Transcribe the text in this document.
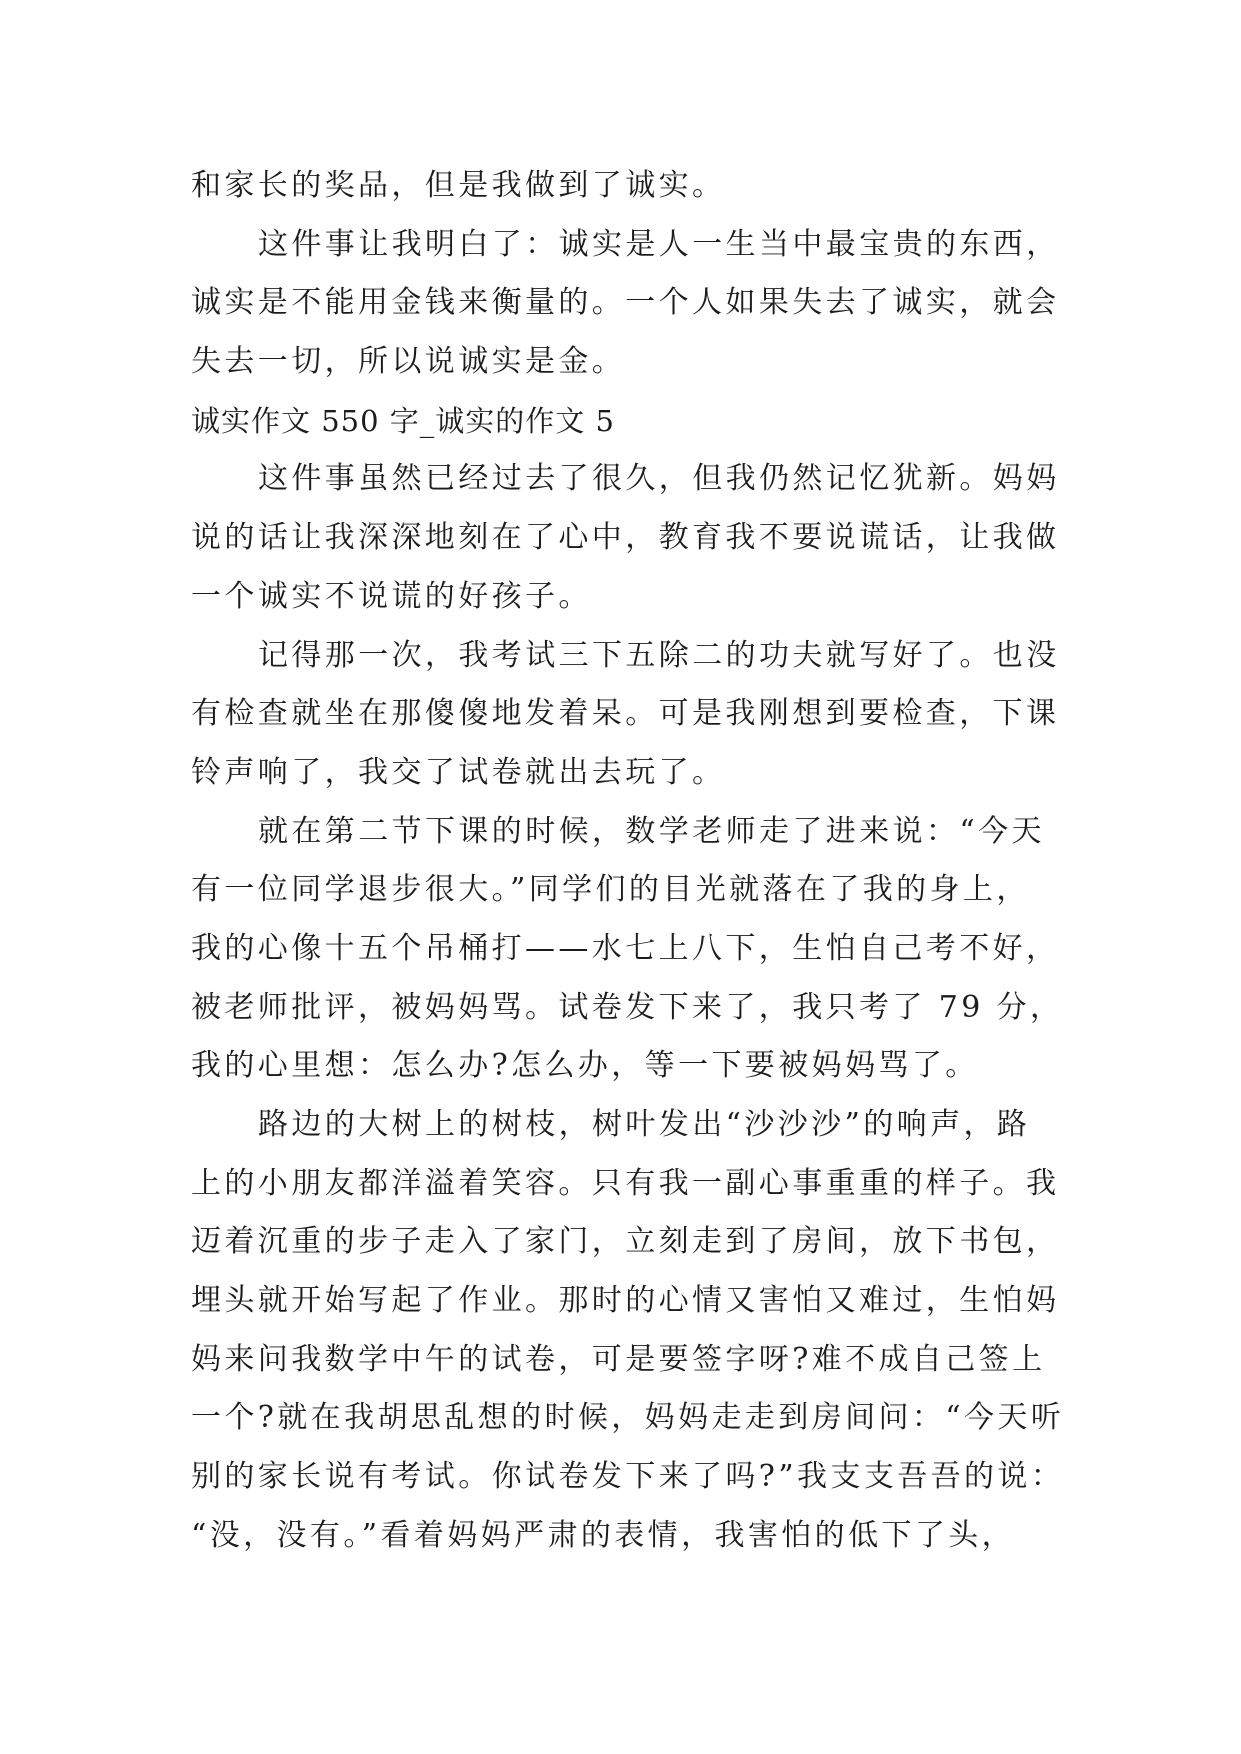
和家长的奖品，但是我做到了诚实。
这件事让我明白了：诚实是人一生当中最宝贵的东西，
诚实是不能用金钱来衡量的。一个人如果失去了诚实，就会
失去一切，所以说诚实是金。
诚实作文 550 字_诚实的作文 5
这件事虽然已经过去了很久，但我仍然记忆犹新。妈妈
说的话让我深深地刻在了心中，教育我不要说谎话，让我做
一个诚实不说谎的好孩子。
记得那一次，我考试三下五除二的功夫就写好了。也没
有检查就坐在那傻傻地发着呆。可是我刚想到要检查，下课
铃声响了，我交了试卷就出去玩了。
就在第二节下课的时候，数学老师走了进来说：“今天
有一位同学退步很大。”同学们的目光就落在了我的身上，
我的心像十五个吊桶打——水七上八下，生怕自己考不好，
被老师批评，被妈妈骂。试卷发下来了，我只考了 79 分，
我的心里想：怎么办?怎么办，等一下要被妈妈骂了。
路边的大树上的树枝，树叶发出“沙沙沙”的响声，路
上的小朋友都洋溢着笑容。只有我一副心事重重的样子。我
迈着沉重的步子走入了家门，立刻走到了房间，放下书包，
埋头就开始写起了作业。那时的心情又害怕又难过，生怕妈
妈来问我数学中午的试卷，可是要签字呀?难不成自己签上
一个?就在我胡思乱想的时候，妈妈走走到房间问：“今天听
别的家长说有考试。你试卷发下来了吗?”我支支吾吾的说：
“没，没有。”看着妈妈严肃的表情，我害怕的低下了头，
